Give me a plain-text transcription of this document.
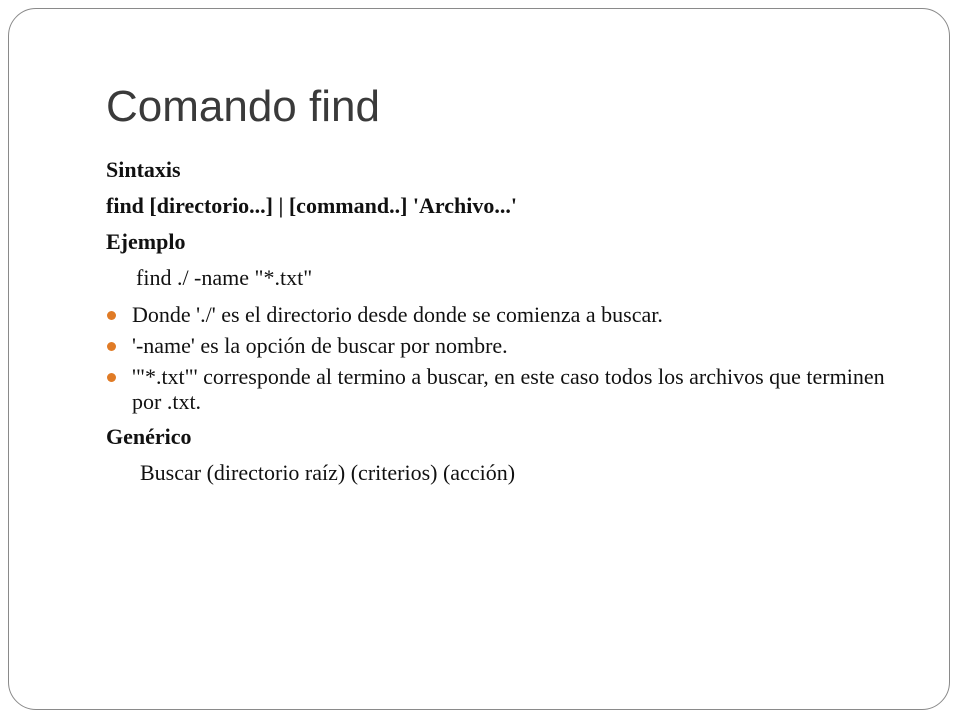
Comando find
Sintaxis
find [directorio...] | [command..] 'Archivo...'
Ejemplo
find ./ -name "*.txt"
Donde './' es el directorio desde donde se comienza a buscar.
'-name' es la opción de buscar por nombre.
'"*.txt"' corresponde al termino a buscar, en este caso todos los archivos que terminen por .txt.
Genérico
Buscar (directorio raíz) (criterios) (acción)
